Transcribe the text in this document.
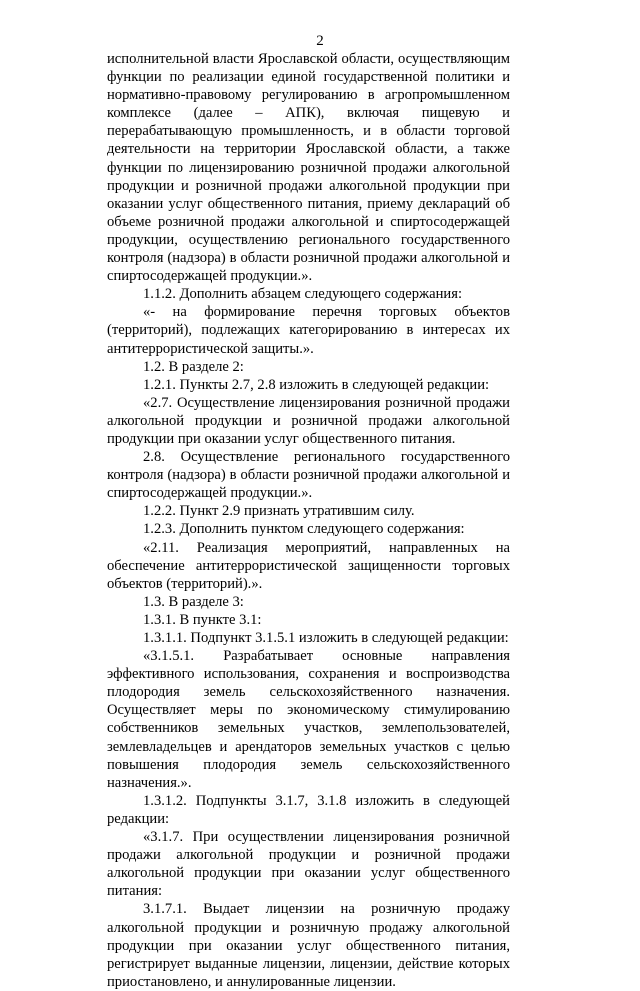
2

исполнительной власти Ярославской области, осуществляющим функции по реализации единой государственной политики и нормативно-правовому регулированию в агропромышленном комплексе (далее – АПК), включая пищевую и перерабатывающую промышленность, и в области торговой деятельности на территории Ярославской области, а также функции по лицензированию розничной продажи алкогольной продукции и розничной продажи алкогольной продукции при оказании услуг общественного питания, приему деклараций об объеме розничной продажи алкогольной и спиртосодержащей продукции, осуществлению регионального государственного контроля (надзора) в области розничной продажи алкогольной и спиртосодержащей продукции.».

1.1.2. Дополнить абзацем следующего содержания:

«- на формирование перечня торговых объектов (территорий), подлежащих категорированию в интересах их антитеррористической защиты.».

1.2. В разделе 2:

1.2.1. Пункты 2.7, 2.8 изложить в следующей редакции:

«2.7. Осуществление лицензирования розничной продажи алкогольной продукции и розничной продажи алкогольной продукции при оказании услуг общественного питания.

2.8. Осуществление регионального государственного контроля (надзора) в области розничной продажи алкогольной и спиртосодержащей продукции.».

1.2.2. Пункт 2.9 признать утратившим силу.

1.2.3. Дополнить пунктом следующего содержания:

«2.11. Реализация мероприятий, направленных на обеспечение антитеррористической защищенности торговых объектов (территорий).».

1.3. В разделе 3:

1.3.1. В пункте 3.1:

1.3.1.1. Подпункт 3.1.5.1 изложить в следующей редакции:

«3.1.5.1. Разрабатывает основные направления эффективного использования, сохранения и воспроизводства плодородия земель сельскохозяйственного назначения. Осуществляет меры по экономическому стимулированию собственников земельных участков, землепользователей, землевладельцев и арендаторов земельных участков с целью повышения плодородия земель сельскохозяйственного назначения.».

1.3.1.2. Подпункты 3.1.7, 3.1.8 изложить в следующей редакции:

«3.1.7. При осуществлении лицензирования розничной продажи алкогольной продукции и розничной продажи алкогольной продукции при оказании услуг общественного питания:

3.1.7.1. Выдает лицензии на розничную продажу алкогольной продукции и розничную продажу алкогольной продукции при оказании услуг общественного питания, регистрирует выданные лицензии, лицензии, действие которых приостановлено, и аннулированные лицензии.
